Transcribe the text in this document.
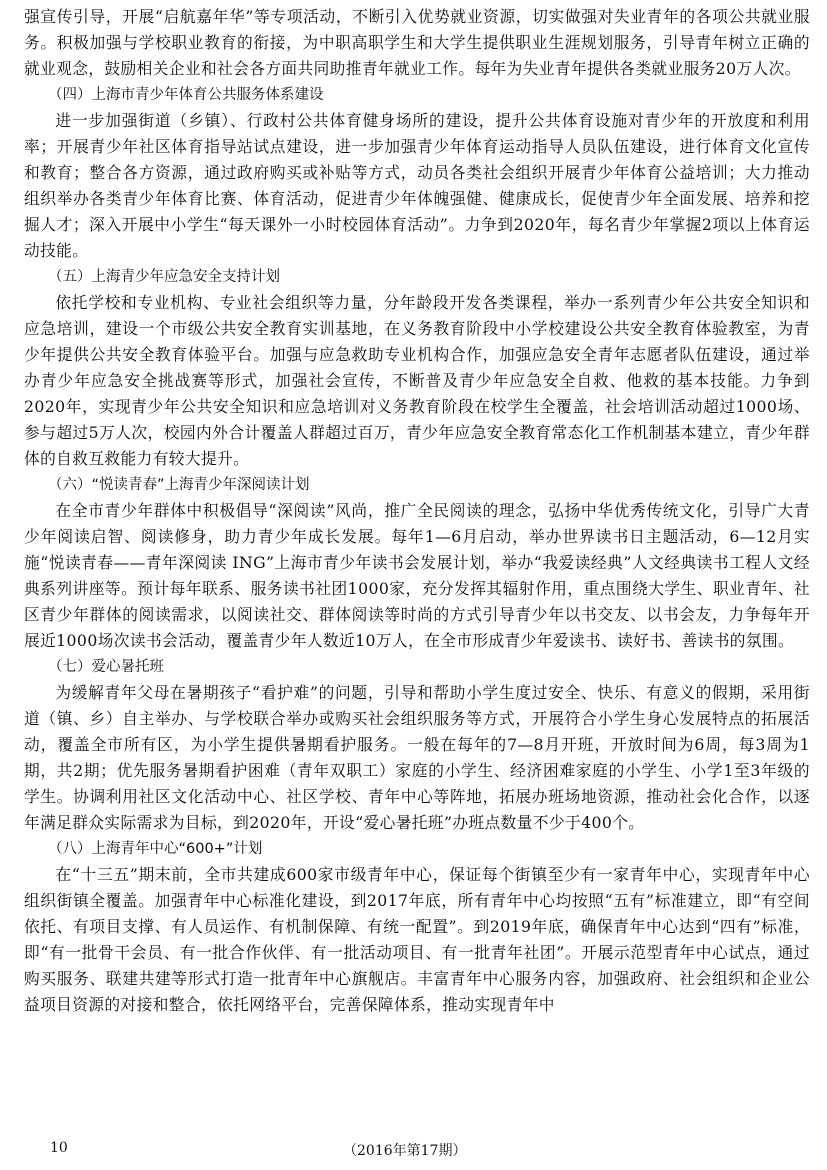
强宣传引导，开展“启航嘉年华”等专项活动，不断引入优势就业资源，切实做强对失业青年的各项公共就业服务。积极加强与学校职业教育的衔接，为中职高职学生和大学生提供职业生涯规划服务，引导青年树立正确的就业观念，鼓励相关企业和社会各方面共同助推青年就业工作。每年为失业青年提供各类就业服务20万人次。

（四）上海市青少年体育公共服务体系建设

进一步加强街道（乡镇）、行政村公共体育健身场所的建设，提升公共体育设施对青少年的开放度和利用率；开展青少年社区体育指导站试点建设，进一步加强青少年体育运动指导人员队伍建设，进行体育文化宣传和教育；整合各方资源，通过政府购买或补贴等方式，动员各类社会组织开展青少年体育公益培训；大力推动组织举办各类青少年体育比赛、体育活动，促进青少年体魄强健、健康成长，促使青少年全面发展、培养和挖掘人才；深入开展中小学生“每天课外一小时校园体育活动”。力争到2020年，每名青少年掌握2项以上体育运动技能。

（五）上海青少年应急安全支持计划

依托学校和专业机构、专业社会组织等力量，分年龄段开发各类课程，举办一系列青少年公共安全知识和应急培训，建设一个市级公共安全教育实训基地，在义务教育阶段中小学校建设公共安全教育体验教室，为青少年提供公共安全教育体验平台。加强与应急救助专业机构合作，加强应急安全青年志愿者队伍建设，通过举办青少年应急安全挑战赛等形式，加强社会宣传，不断普及青少年应急安全自救、他救的基本技能。力争到2020年，实现青少年公共安全知识和应急培训对义务教育阶段在校学生全覆盖，社会培训活动超过1000场、参与超过5万人次，校园内外合计覆盖人群超过百万，青少年应急安全教育常态化工作机制基本建立，青少年群体的自救互救能力有较大提升。

（六）“悦读青春”上海青少年深阅读计划

在全市青少年群体中积极倡导“深阅读”风尚，推广全民阅读的理念，弘扬中华优秀传统文化，引导广大青少年阅读启智、阅读修身，助力青少年成长发展。每年1—6月启动，举办世界读书日主题活动，6—12月实施“悦读青春——青年深阅读 ING”上海市青少年读书会发展计划，举办“我爱读经典”人文经典读书工程人文经典系列讲座等。预计每年联系、服务读书社团1000家，充分发挥其辐射作用，重点围绕大学生、职业青年、社区青少年群体的阅读需求，以阅读社交、群体阅读等时尚的方式引导青少年以书交友、以书会友，力争每年开展近1000场次读书会活动，覆盖青少年人数近10万人，在全市形成青少年爱读书、读好书、善读书的氛围。

（七）爱心暑托班

为缓解青年父母在暑期孩子“看护难”的问题，引导和帮助小学生度过安全、快乐、有意义的假期，采用街道（镇、乡）自主举办、与学校联合举办或购买社会组织服务等方式，开展符合小学生身心发展特点的拓展活动，覆盖全市所有区，为小学生提供暑期看护服务。一般在每年的7—8月开班，开放时间为6周，每3周为1期，共2期；优先服务暑期看护困难（青年双职工）家庭的小学生、经济困难家庭的小学生、小学1至3年级的学生。协调利用社区文化活动中心、社区学校、青年中心等阵地，拓展办班场地资源，推动社会化合作，以逐年满足群众实际需求为目标，到2020年，开设“爱心暑托班”办班点数量不少于400个。

（八）上海青年中心“600+”计划

在“十三五”期末前，全市共建成600家市级青年中心，保证每个街镇至少有一家青年中心，实现青年中心组织街镇全覆盖。加强青年中心标准化建设，到2017年底，所有青年中心均按照“五有”标准建立，即“有空间依托、有项目支撑、有人员运作、有机制保障、有统一配置”。到2019年底，确保青年中心达到“四有”标准，即“有一批骨干会员、有一批合作伙伴、有一批活动项目、有一批青年社团”。开展示范型青年中心试点，通过购买服务、联建共建等形式打造一批青年中心旗舰店。丰富青年中心服务内容，加强政府、社会组织和企业公益项目资源的对接和整合，依托网络平台，完善保障体系，推动实现青年中

10	（2016年第17期）
